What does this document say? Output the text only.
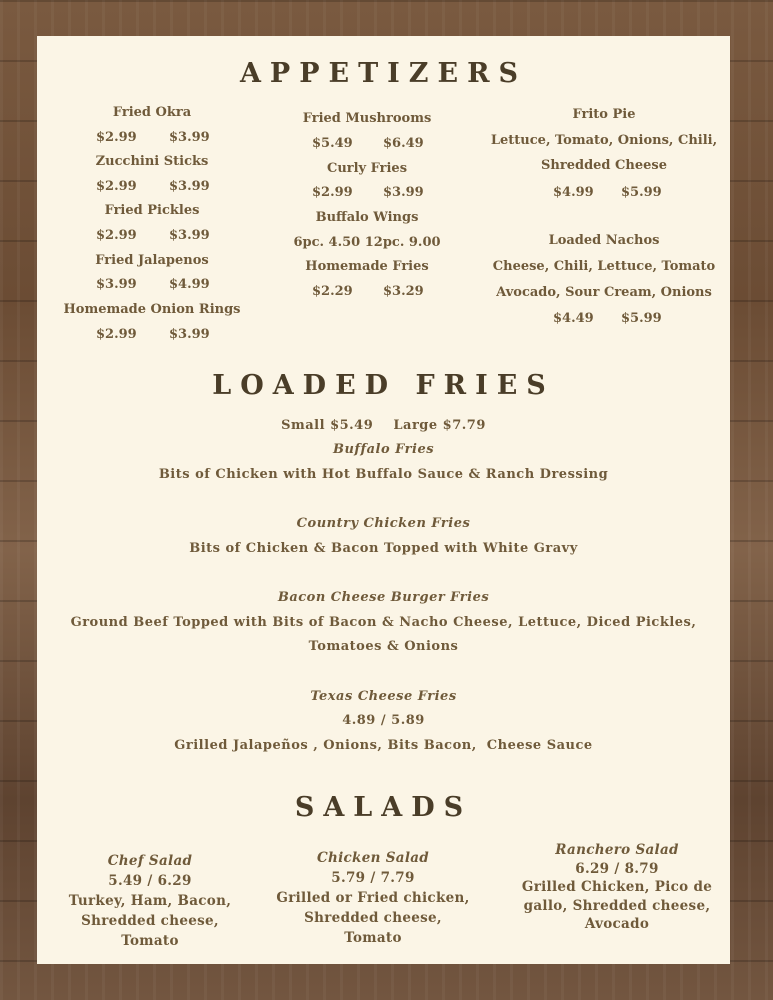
APPETIZERS
Fried Okra
$2.99 $3.99
Zucchini Sticks
$2.99 $3.99
Fried Pickles
$2.99 $3.99
Fried Jalapenos
$3.99 $4.99
Homemade Onion Rings
$2.99 $3.99
Fried Mushrooms
$5.49 $6.49
Curly Fries
$2.99 $3.99
Buffalo Wings
6pc. 4.50 12pc. 9.00
Homemade Fries
$2.29 $3.29
Frito Pie
Lettuce, Tomato, Onions, Chili,
Shredded Cheese
$4.99 $5.99
Loaded Nachos
Cheese, Chili, Lettuce, Tomato
Avocado, Sour Cream, Onions
$4.49 $5.99
LOADED FRIES
Small $5.49    Large $7.79
Buffalo Fries
Bits of Chicken with Hot Buffalo Sauce & Ranch Dressing
Country Chicken Fries
Bits of Chicken & Bacon Topped with White Gravy
Bacon Cheese Burger Fries
Ground Beef Topped with Bits of Bacon & Nacho Cheese, Lettuce, Diced Pickles,
Tomatoes & Onions
Texas Cheese Fries
4.89 / 5.89
Grilled Jalapeños , Onions, Bits Bacon,  Cheese Sauce
SALADS
Chef Salad
5.49 / 6.29
Turkey, Ham, Bacon,
Shredded cheese, Tomato
Chicken Salad
5.79 / 7.79
Grilled or Fried chicken,
Shredded cheese, Tomato
Ranchero Salad
6.29 / 8.79
Grilled Chicken, Pico de
gallo, Shredded cheese,
Avocado
